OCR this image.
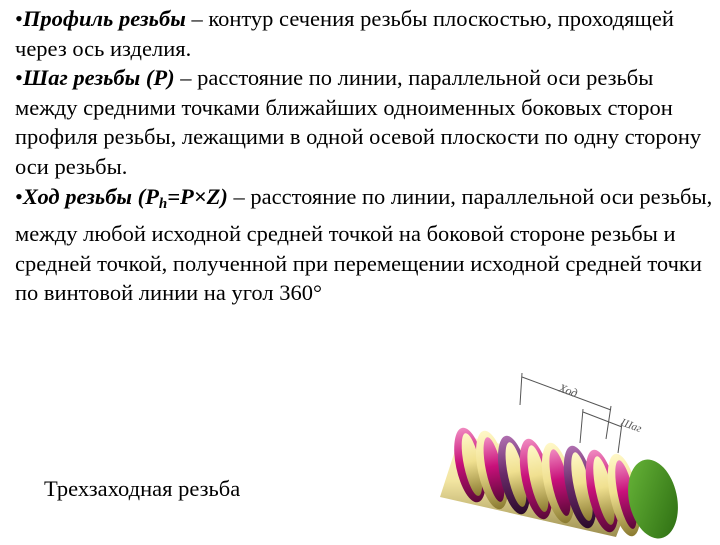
•Профиль резьбы – контур сечения резьбы плоскостью, проходящей через ось изделия.

•Шаг резьбы (P) – расстояние по линии, параллельной оси резьбы между средними точками ближайших одноименных боковых сторон профиля резьбы, лежащими в одной осевой плоскости по одну сторону оси резьбы.

•Ход резьбы $(P_h=P\times Z)$ – расстояние по линии, параллельной оси резьбы, между любой исходной средней точкой на боковой стороне резьбы и средней точкой, полученной при перемещении исходной средней точки по винтовой линии на угол 360°

Ход
Шаг
Трехзаходная резьба
